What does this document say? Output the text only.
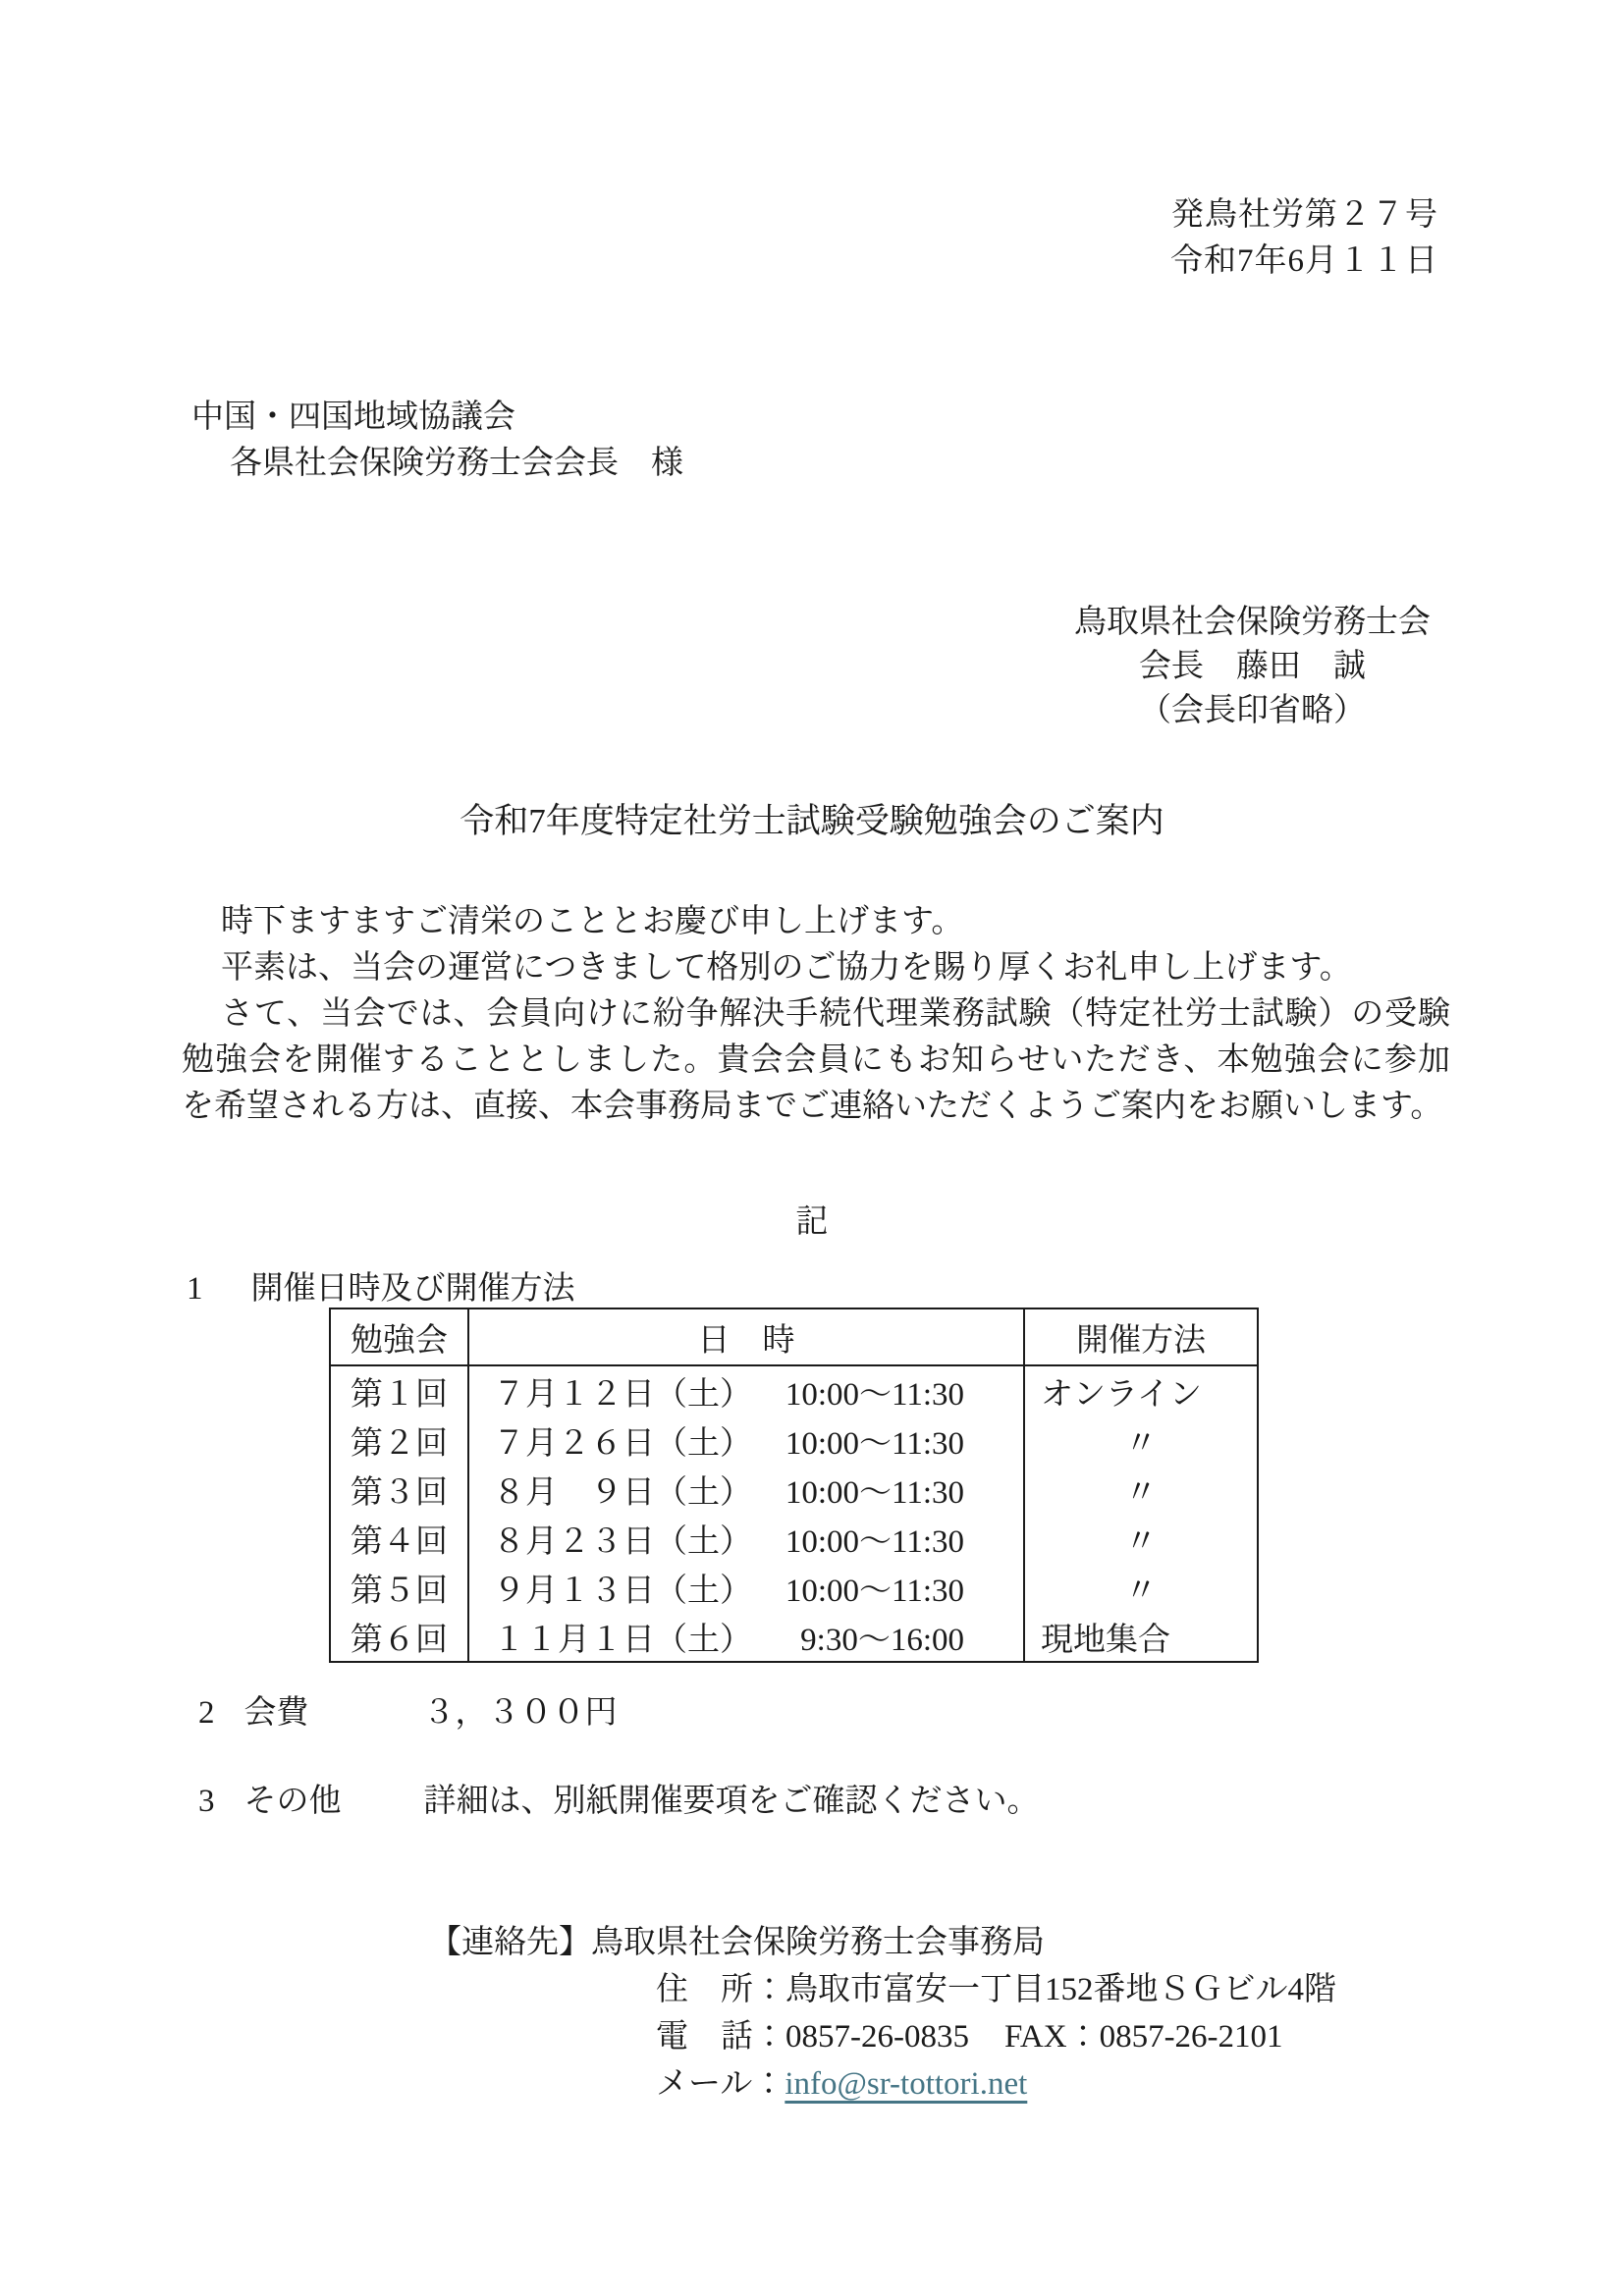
発鳥社労第２７号
令和7年6月１１日
中国・四国地域協議会
各県社会保険労務士会会長　様
鳥取県社会保険労務士会
会長　藤田　誠
（会長印省略）
令和7年度特定社労士試験受験勉強会のご案内
時下ますますご清栄のこととお慶び申し上げます。
平素は、当会の運営につきまして格別のご協力を賜り厚くお礼申し上げます。
さて、当会では、会員向けに紛争解決手続代理業務試験（特定社労士試験）の受験
勉強会を開催することとしました。貴会会員にもお知らせいただき、本勉強会に参加
を希望される方は、直接、本会事務局までご連絡いただくようご案内をお願いします。
記
1 開催日時及び開催方法
勉強会	日　時	開催方法
第１回	７月１２日（土） 10:00～11:30	オンライン
第２回	７月２６日（土） 10:00～11:30	〃
第３回	８月　９日（土） 10:00～11:30	〃
第４回	８月２３日（土） 10:00～11:30	〃
第５回	９月１３日（土） 10:00～11:30	〃
第６回	１１月１日（土） 9:30～16:00	現地集合
2 会費	３，３００円
3 その他	詳細は、別紙開催要項をご確認ください。
【連絡先】鳥取県社会保険労務士会事務局
住　所：鳥取市富安一丁目152番地ＳＧビル4階
電　話：0857-26-0835 FAX：0857-26-2101
メール：info@sr-tottori.net
